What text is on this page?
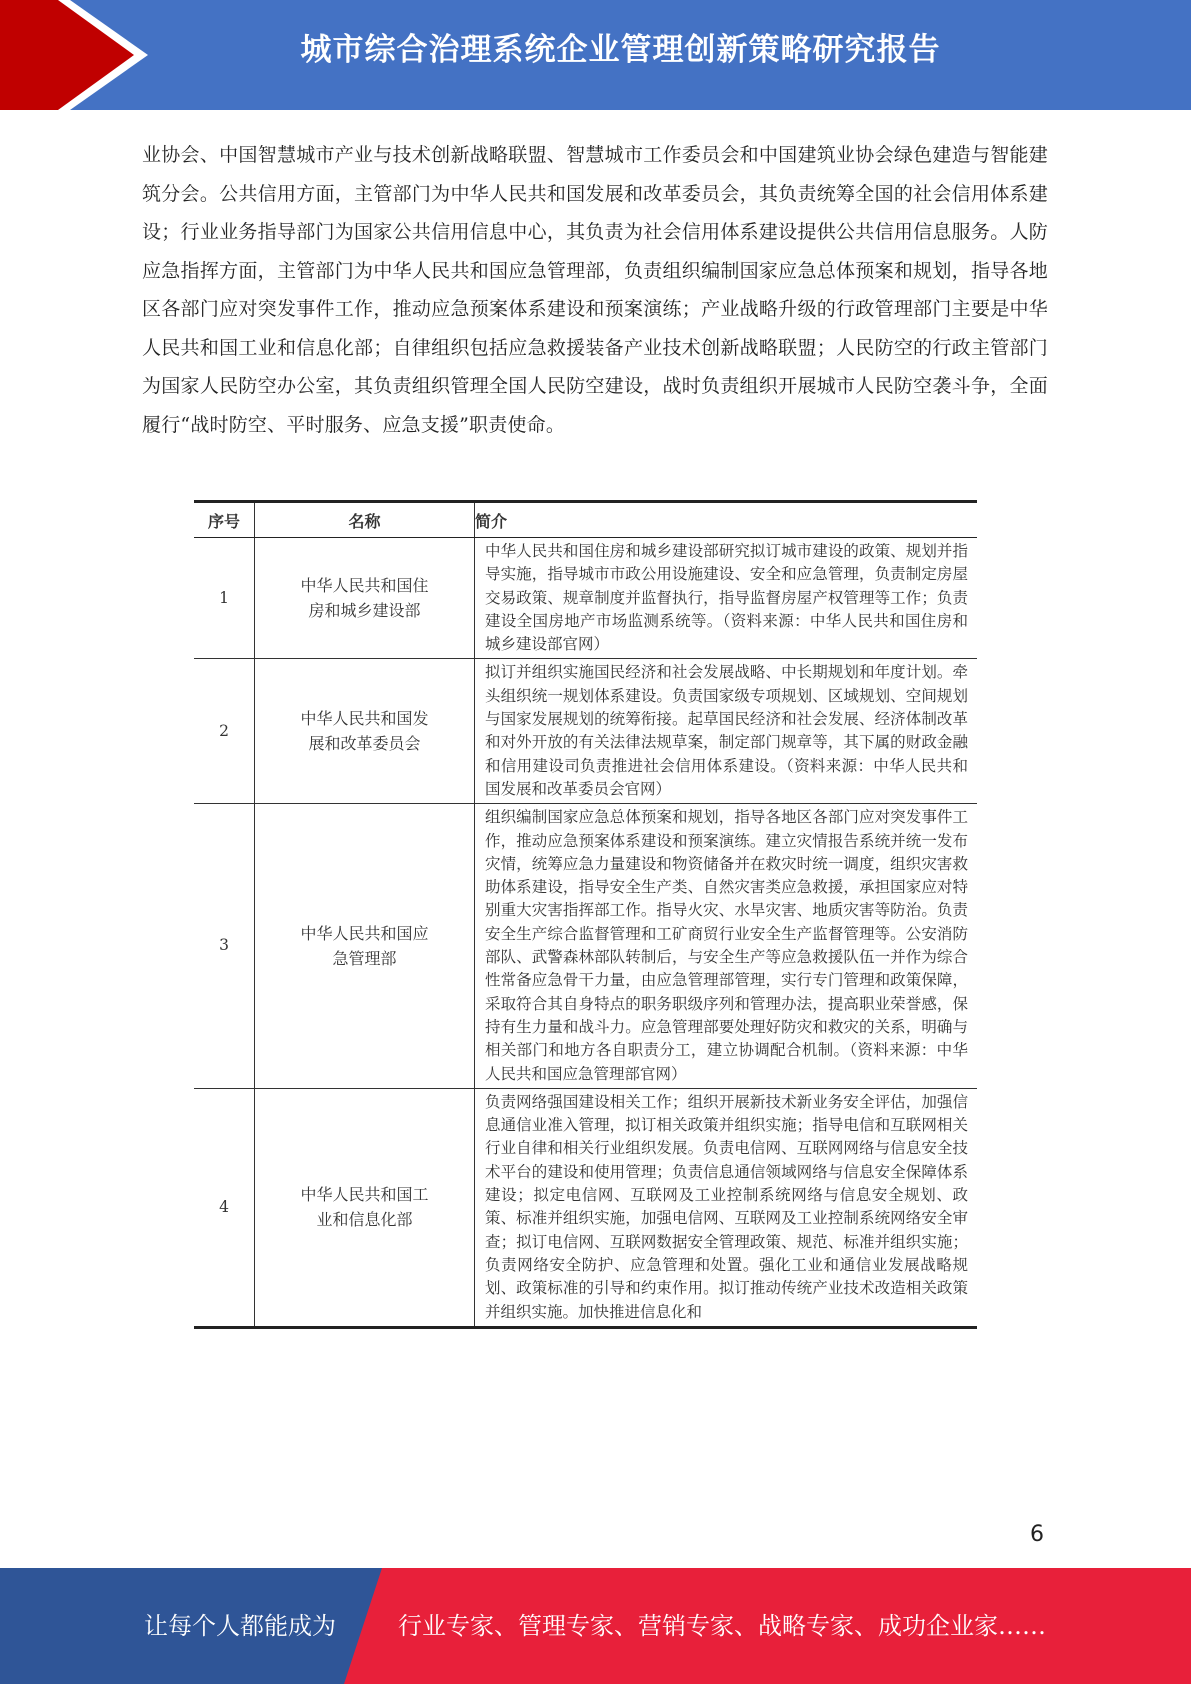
城市综合治理系统企业管理创新策略研究报告
业协会、中国智慧城市产业与技术创新战略联盟、智慧城市工作委员会和中国建筑业协会绿色建造与智能建筑分会。公共信用方面，主管部门为中华人民共和国发展和改革委员会，其负责统筹全国的社会信用体系建设；行业业务指导部门为国家公共信用信息中心，其负责为社会信用体系建设提供公共信用信息服务。人防应急指挥方面，主管部门为中华人民共和国应急管理部，负责组织编制国家应急总体预案和规划，指导各地区各部门应对突发事件工作，推动应急预案体系建设和预案演练；产业战略升级的行政管理部门主要是中华人民共和国工业和信息化部；自律组织包括应急救援装备产业技术创新战略联盟；人民防空的行政主管部门为国家人民防空办公室，其负责组织管理全国人民防空建设，战时负责组织开展城市人民防空袭斗争，全面履行“战时防空、平时服务、应急支援”职责使命。
序号	名称	简介
1	中华人民共和国住房和城乡建设部	中华人民共和国住房和城乡建设部研究拟订城市建设的政策、规划并指导实施，指导城市市政公用设施建设、安全和应急管理，负责制定房屋交易政策、规章制度并监督执行，指导监督房屋产权管理等工作；负责建设全国房地产市场监测系统等。（资料来源：中华人民共和国住房和城乡建设部官网）
2	中华人民共和国发展和改革委员会	拟订并组织实施国民经济和社会发展战略、中长期规划和年度计划。牵头组织统一规划体系建设。负责国家级专项规划、区域规划、空间规划与国家发展规划的统筹衔接。起草国民经济和社会发展、经济体制改革和对外开放的有关法律法规草案，制定部门规章等，其下属的财政金融和信用建设司负责推进社会信用体系建设。（资料来源：中华人民共和国发展和改革委员会官网）
3	中华人民共和国应急管理部	组织编制国家应急总体预案和规划，指导各地区各部门应对突发事件工作，推动应急预案体系建设和预案演练。建立灾情报告系统并统一发布灾情，统筹应急力量建设和物资储备并在救灾时统一调度，组织灾害救助体系建设，指导安全生产类、自然灾害类应急救援，承担国家应对特别重大灾害指挥部工作。指导火灾、水旱灾害、地质灾害等防治。负责安全生产综合监督管理和工矿商贸行业安全生产监督管理等。公安消防部队、武警森林部队转制后，与安全生产等应急救援队伍一并作为综合性常备应急骨干力量，由应急管理部管理，实行专门管理和政策保障，采取符合其自身特点的职务职级序列和管理办法，提高职业荣誉感，保持有生力量和战斗力。应急管理部要处理好防灾和救灾的关系，明确与相关部门和地方各自职责分工，建立协调配合机制。（资料来源：中华人民共和国应急管理部官网）
4	中华人民共和国工业和信息化部	负责网络强国建设相关工作；组织开展新技术新业务安全评估，加强信息通信业准入管理，拟订相关政策并组织实施；指导电信和互联网相关行业自律和相关行业组织发展。负责电信网、互联网网络与信息安全技术平台的建设和使用管理；负责信息通信领域网络与信息安全保障体系建设；拟定电信网、互联网及工业控制系统网络与信息安全规划、政策、标准并组织实施，加强电信网、互联网及工业控制系统网络安全审查；拟订电信网、互联网数据安全管理政策、规范、标准并组织实施；负责网络安全防护、应急管理和处置。强化工业和通信业发展战略规划、政策标准的引导和约束作用。拟订推动传统产业技术改造相关政策并组织实施。加快推进信息化和
6
让每个人都能成为	行业专家、管理专家、营销专家、战略专家、成功企业家……
